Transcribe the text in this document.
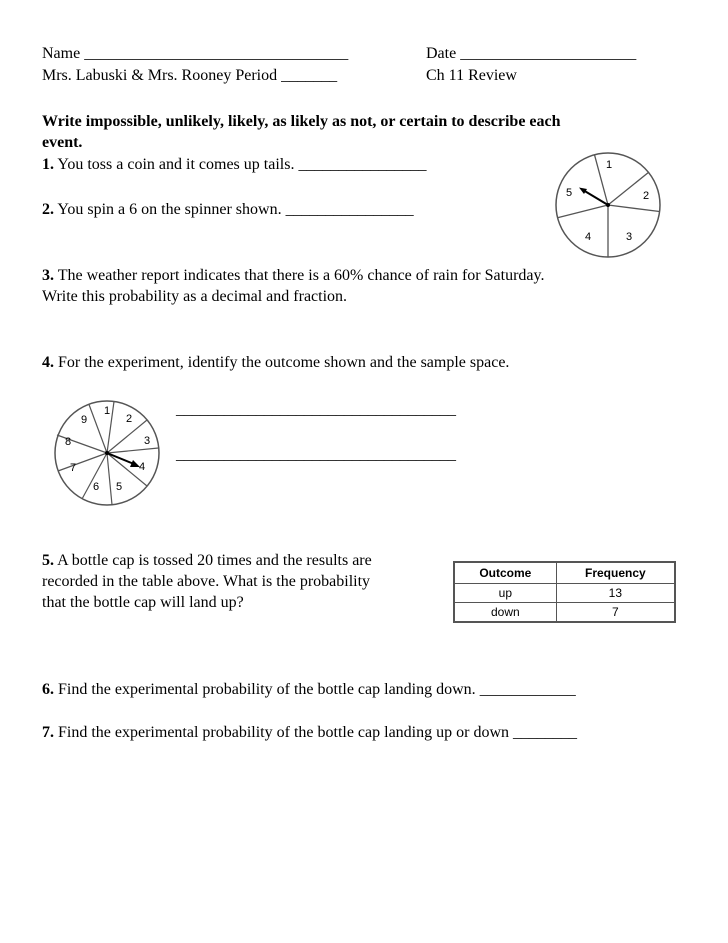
Name _________________________________	Date ______________________
Mrs. Labuski & Mrs. Rooney Period _______	Ch 11 Review
Write impossible, unlikely, likely, as likely as not, or certain to describe each
event.
1. You toss a coin and it comes up tails. ________________
2. You spin a 6 on the spinner shown. ________________
1
2
3
4
5
3. The weather report indicates that there is a 60% chance of rain for Saturday.
Write this probability as a decimal and fraction.
4. For the experiment, identify the outcome shown and the sample space.
1
2
3
4
5
6
7
8
9
___________________________________
___________________________________
5. A bottle cap is tossed 20 times and the results are
recorded in the table above. What is the probability
that the bottle cap will land up?
Outcome	Frequency
up	13
down	7
6. Find the experimental probability of the bottle cap landing down. ____________
7. Find the experimental probability of the bottle cap landing up or down ________
